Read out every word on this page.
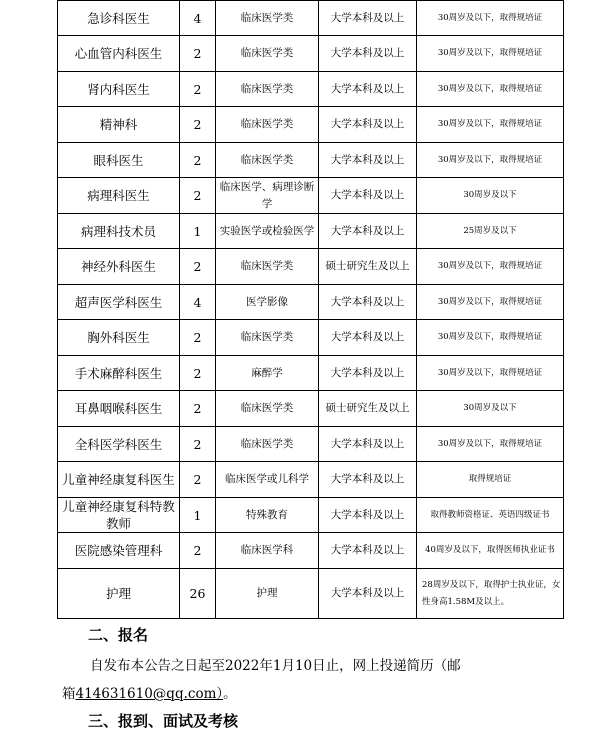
急诊科医生	4	临床医学类	大学本科及以上	30周岁及以下，取得规培证
心血管内科医生	2	临床医学类	大学本科及以上	30周岁及以下，取得规培证
肾内科医生	2	临床医学类	大学本科及以上	30周岁及以下，取得规培证
精神科	2	临床医学类	大学本科及以上	30周岁及以下，取得规培证
眼科医生	2	临床医学类	大学本科及以上	30周岁及以下，取得规培证
病理科医生	2	临床医学、病理诊断学	大学本科及以上	30周岁及以下
病理科技术员	1	实验医学或检验医学	大学本科及以上	25周岁及以下
神经外科医生	2	临床医学类	硕士研究生及以上	30周岁及以下，取得规培证
超声医学科医生	4	医学影像	大学本科及以上	30周岁及以下，取得规培证
胸外科医生	2	临床医学类	大学本科及以上	30周岁及以下，取得规培证
手术麻醉科医生	2	麻醉学	大学本科及以上	30周岁及以下，取得规培证
耳鼻咽喉科医生	2	临床医学类	硕士研究生及以上	30周岁及以下
全科医学科医生	2	临床医学类	大学本科及以上	30周岁及以下，取得规培证
儿童神经康复科医生	2	临床医学或儿科学	大学本科及以上	取得规培证
儿童神经康复科特教教师	1	特殊教育	大学本科及以上	取得教师资格证、英语四级证书
医院感染管理科	2	临床医学科	大学本科及以上	40周岁及以下，取得医师执业证书
护理	26	护理	大学本科及以上	28周岁及以下，取得护士执业证，女性身高1.58M及以上。
二、报名
自发布本公告之日起至2022年1月10日止，网上投递简历（邮
箱414631610@qq.com）。
三、报到、面试及考核
